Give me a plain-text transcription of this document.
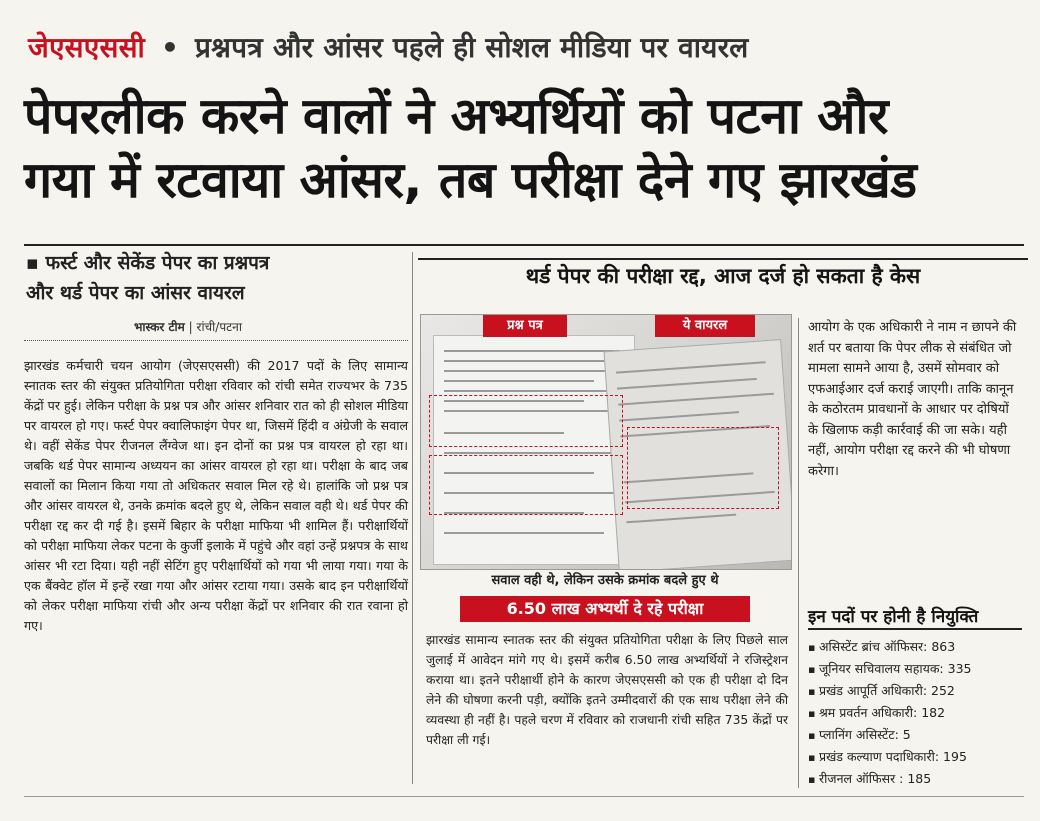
जेएसएससी • प्रश्नपत्र और आंसर पहले ही सोशल मीडिया पर वायरल
पेपरलीक करने वालों ने अभ्यर्थियों को पटना और
गया में रटवाया आंसर, तब परीक्षा देने गए झारखंड
▪ फर्स्ट और सेकेंड पेपर का प्रश्नपत्र
और थर्ड पेपर का आंसर वायरल
भास्कर टीम | रांची/पटना
झारखंड कर्मचारी चयन आयोग (जेएसएससी) की 2017 पदों के लिए सामान्य स्नातक स्तर की संयुक्त प्रतियोगिता परीक्षा रविवार को रांची समेत राज्यभर के 735 केंद्रों पर हुई। लेकिन परीक्षा के प्रश्न पत्र और आंसर शनिवार रात को ही सोशल मीडिया पर वायरल हो गए। फर्स्ट पेपर क्वालिफाइंग पेपर था, जिसमें हिंदी व अंग्रेजी के सवाल थे। वहीं सेकेंड पेपर रीजनल लैंग्वेज था। इन दोनों का प्रश्न पत्र वायरल हो रहा था। जबकि थर्ड पेपर सामान्य अध्ययन का आंसर वायरल हो रहा था। परीक्षा के बाद जब सवालों का मिलान किया गया तो अधिकतर सवाल मिल रहे थे। हालांकि जो प्रश्न पत्र और आंसर वायरल थे, उनके क्रमांक बदले हुए थे, लेकिन सवाल वही थे। थर्ड पेपर की परीक्षा रद्द कर दी गई है। इसमें बिहार के परीक्षा माफिया भी शामिल हैं। परीक्षार्थियों को परीक्षा माफिया लेकर पटना के कुर्जी इलाके में पहुंचे और वहां उन्हें प्रश्नपत्र के साथ आंसर भी रटा दिया। यही नहीं सेटिंग हुए परीक्षार्थियों को गया भी लाया गया। गया के एक बैंक्वेट हॉल में इन्हें रखा गया और आंसर रटाया गया। उसके बाद इन परीक्षार्थियों को लेकर परीक्षा माफिया रांची और अन्य परीक्षा केंद्रों पर शनिवार की रात रवाना हो गए।
थर्ड पेपर की परीक्षा रद्द, आज दर्ज हो सकता है केस
प्रश्न पत्र	ये वायरल
सवाल वही थे, लेकिन उसके क्रमांक बदले हुए थे
6.50 लाख अभ्यर्थी दे रहे परीक्षा
झारखंड सामान्य स्नातक स्तर की संयुक्त प्रतियोगिता परीक्षा के लिए पिछले साल जुलाई में आवेदन मांगे गए थे। इसमें करीब 6.50 लाख अभ्यर्थियों ने रजिस्ट्रेशन कराया था। इतने परीक्षार्थी होने के कारण जेएसएससी को एक ही परीक्षा दो दिन लेने की घोषणा करनी पड़ी, क्योंकि इतने उम्मीदवारों की एक साथ परीक्षा लेने की व्यवस्था ही नहीं है। पहले चरण में रविवार को राजधानी रांची सहित 735 केंद्रों पर परीक्षा ली गई।
आयोग के एक अधिकारी ने नाम न छापने की शर्त पर बताया कि पेपर लीक से संबंधित जो मामला सामने आया है, उसमें सोमवार को एफआईआर दर्ज कराई जाएगी। ताकि कानून के कठोरतम प्रावधानों के आधार पर दोषियों के खिलाफ कड़ी कार्रवाई की जा सके। यही नहीं, आयोग परीक्षा रद्द करने की भी घोषणा करेगा।
इन पदों पर होनी है नियुक्ति
▪ असिस्टेंट ब्रांच ऑफिसर: 863
▪ जूनियर सचिवालय सहायक: 335
▪ प्रखंड आपूर्ति अधिकारी: 252
▪ श्रम प्रवर्तन अधिकारी: 182
▪ प्लानिंग असिस्टेंट: 5
▪ प्रखंड कल्याण पदाधिकारी: 195
▪ रीजनल ऑफिसर : 185
